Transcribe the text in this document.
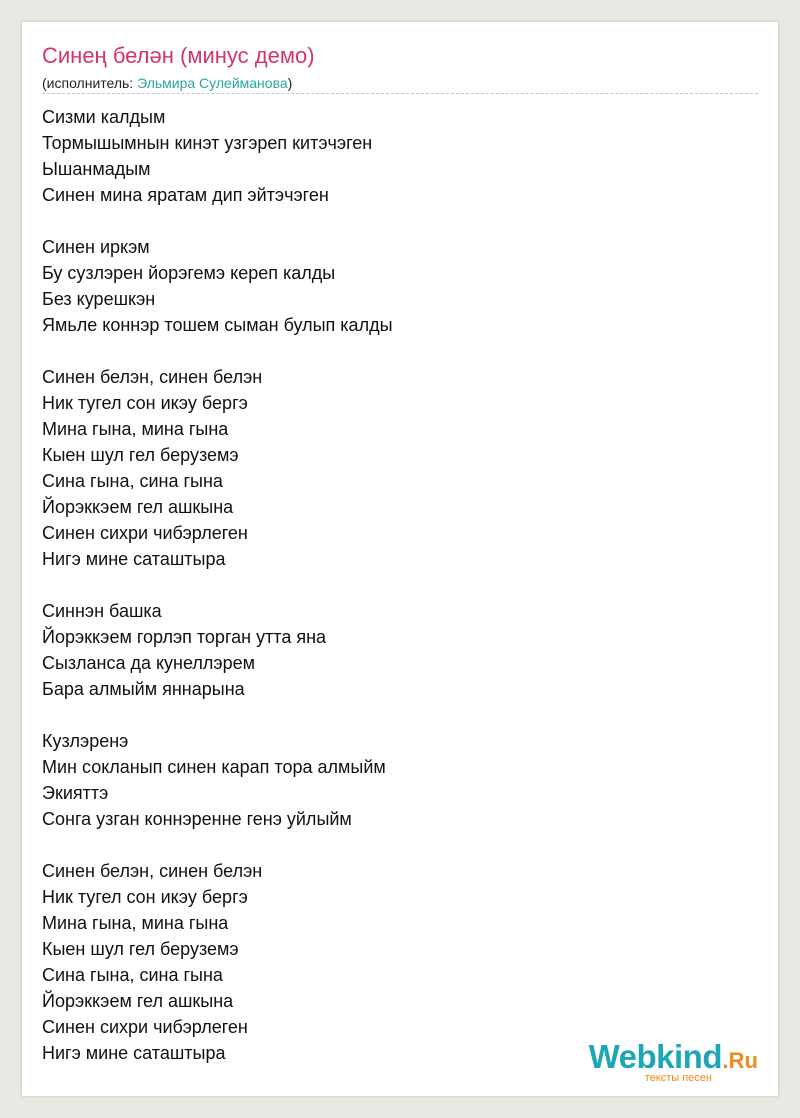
Синең белән (минус демо)
(исполнитель: Эльмира Сулейманова)
Сизми калдым
Тормышымнын кинэт узгэреп китэчэген
Ышанмадым
Синен мина яратам дип эйтэчэген
Синен иркэм
Бу сузлэрен йорэгемэ кереп калды
Без курешкэн
Ямьле коннэр тошем сыман булып калды
Синен белэн, синен белэн
Ник тугел сон икэу бергэ
Мина гына, мина гына
Кыен шул гел беруземэ
Сина гына, сина гына
Йорэккэем гел ашкына
Синен сихри чибэрлеген
Нигэ мине саташтыра
Синнэн башка
Йорэккэем горлэп торган утта яна
Сызланса да кунеллэрем
Бара алмыйм яннарына
Кузлэренэ
Мин сокланып синен карап тора алмыйм
Экияттэ
Сонга узган коннэренне генэ уйлыйм
Синен белэн, синен белэн
Ник тугел сон икэу бергэ
Мина гына, мина гына
Кыен шул гел беруземэ
Сина гына, сина гына
Йорэккэем гел ашкына
Синен сихри чибэрлеген
Нигэ мине саташтыра	Webkind .Ru
тексты песен
